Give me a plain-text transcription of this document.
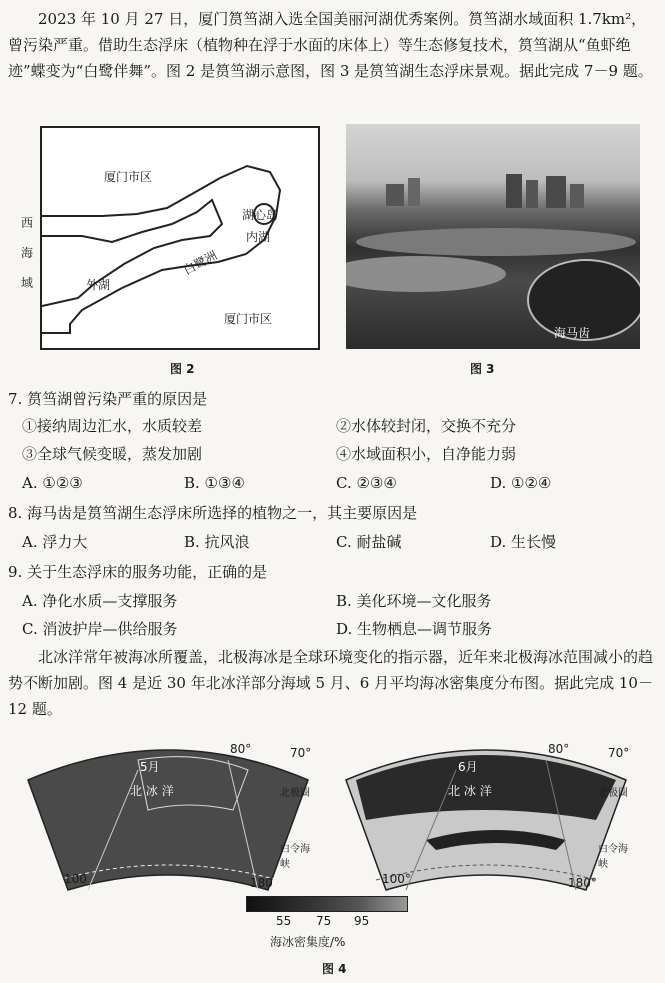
2023 年 10 月 27 日，厦门筼筜湖入选全国美丽河湖优秀案例。筼筜湖水域面积 1.7km²，曾污染严重。借助生态浮床（植物种在浮于水面的床体上）等生态修复技术，筼筜湖从“鱼虾绝迹”蝶变为“白鹭伴舞”。图 2 是筼筜湖示意图，图 3 是筼筜湖生态浮床景观。据此完成 7－9 题。
厦门市区
厦门市区
西
海
域	外湖
内湖
白鹭洲
湖心岛
图 2
海马齿
图 3
7. 筼筜湖曾污染严重的原因是
①接纳周边汇水，水质较差	②水体较封闭，交换不充分
③全球气候变暖，蒸发加剧	④水域面积小，自净能力弱
A. ①②③	B. ①③④	C. ②③④	D. ①②④
8. 海马齿是筼筜湖生态浮床所选择的植物之一，其主要原因是
A. 浮力大	B. 抗风浪	C. 耐盐碱	D. 生长慢
9. 关于生态浮床的服务功能，正确的是
A. 净化水质—支撑服务	B. 美化环境—文化服务
C. 消波护岸—供给服务	D. 生物栖息—调节服务
北冰洋常年被海冰所覆盖，北极海冰是全球环境变化的指示器，近年来北极海冰范围减小的趋势不断加剧。图 4 是近 30 年北冰洋部分海域 5 月、6 月平均海冰密集度分布图。据此完成 10－12 题。
5月
80°	70°
100	180
北 冰 洋	北极圈
白令海峡
6月
80°	70°
100°	180°
北 冰 洋	北极圈
白令海峡
55 75 95
海冰密集度/%
图 4
